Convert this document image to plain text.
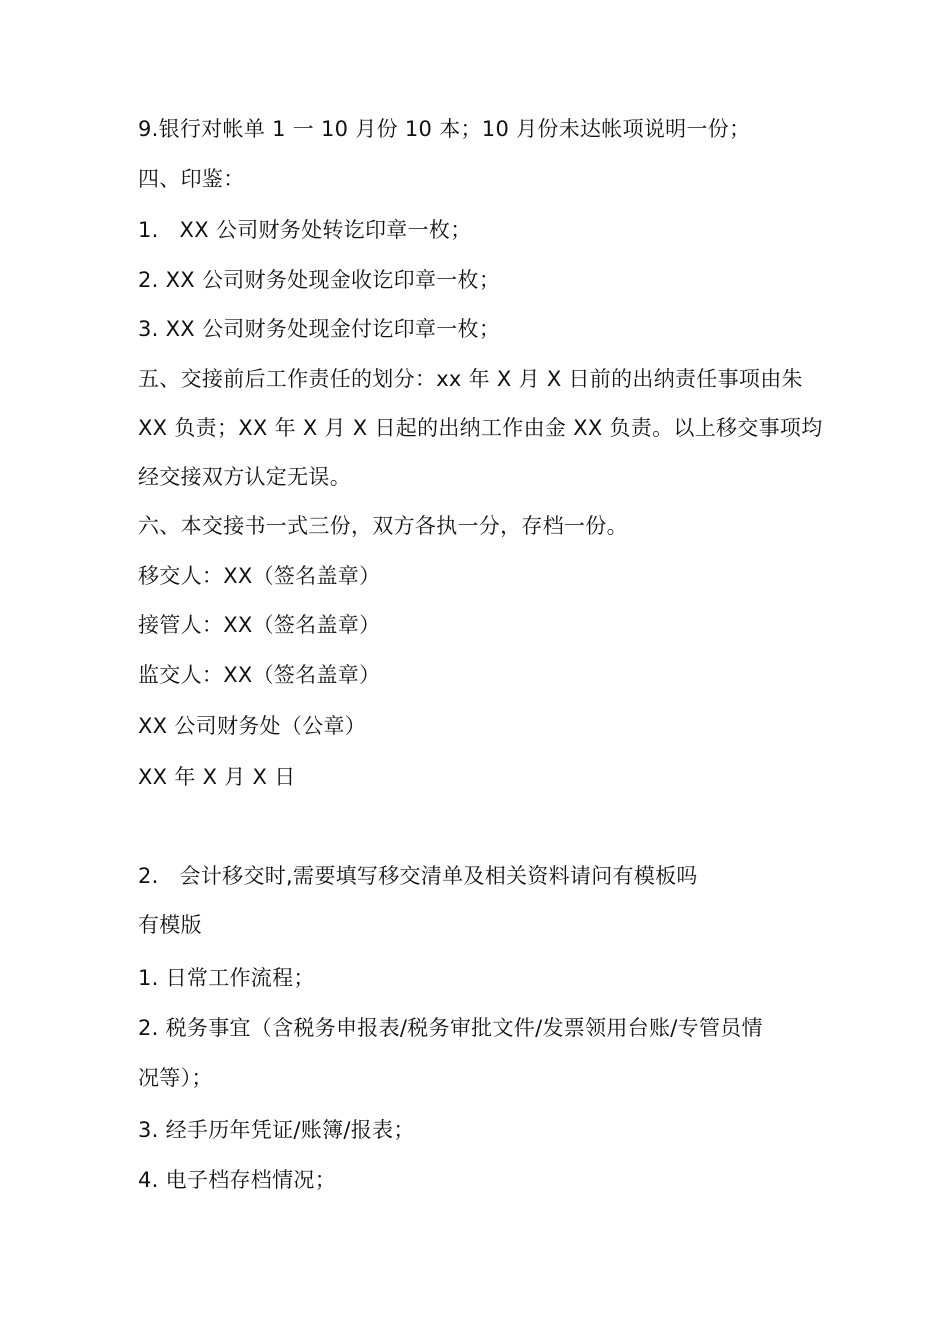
9.银行对帐单 1 一 10 月份 10 本；10 月份未达帐项说明一份；
四、印鉴：
1.   XX 公司财务处转讫印章一枚；
2. XX 公司财务处现金收讫印章一枚；
3. XX 公司财务处现金付讫印章一枚；
五、交接前后工作责任的划分：xx 年 X 月 X 日前的出纳责任事项由朱
XX 负责；XX 年 X 月 X 日起的出纳工作由金 XX 负责。以上移交事项均
经交接双方认定无误。
六、本交接书一式三份，双方各执一分，存档一份。
移交人：XX（签名盖章）
接管人：XX（签名盖章）
监交人：XX（签名盖章）
XX 公司财务处（公章）
XX 年 X 月 X 日
2.   会计移交时,需要填写移交清单及相关资料请问有模板吗
有模版
1. 日常工作流程；
2. 税务事宜（含税务申报表/税务审批文件/发票领用台账/专管员情
况等）；
3. 经手历年凭证/账簿/报表；
4. 电子档存档情况；
